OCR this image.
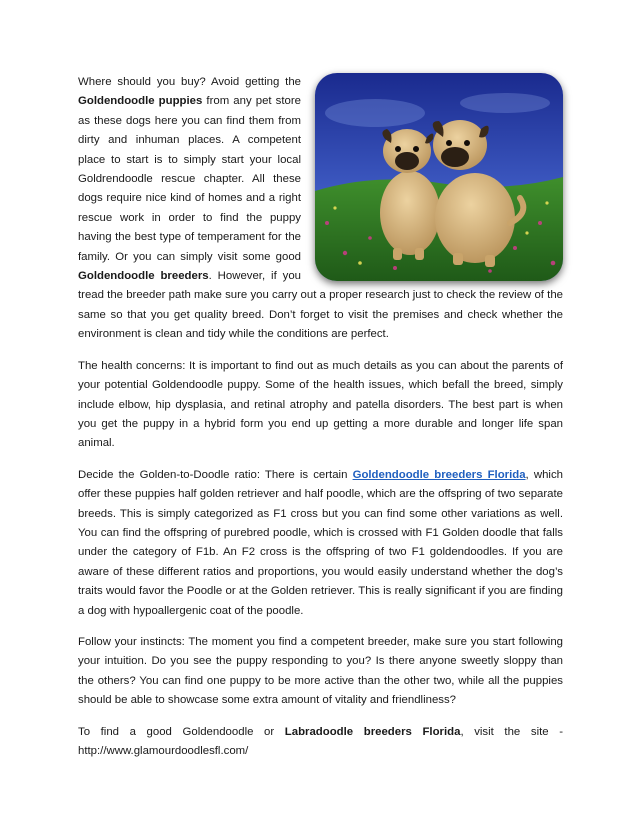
Where should you buy? Avoid getting the Goldendoodle puppies from any pet store as these dogs here you can find them from dirty and inhuman places. A competent place to start is to simply start your local Goldrendoodle rescue chapter. All these dogs require nice kind of homes and a right rescue work in order to find the puppy having the best type of temperament for the family. Or you can simply visit some good Goldendoodle breeders. However, if you tread the breeder path make sure you carry out a proper research just to check the review of the same so that you get quality breed. Don’t forget to visit the premises and check whether the environment is clean and tidy while the conditions are perfect.

The health concerns: It is important to find out as much details as you can about the parents of your potential Goldendoodle puppy. Some of the health issues, which befall the breed, simply include elbow, hip dysplasia, and retinal atrophy and patella disorders. The best part is when you get the puppy in a hybrid form you end up getting a more durable and longer life span animal.

Decide the Golden-to-Doodle ratio: There is certain Goldendoodle breeders Florida, which offer these puppies half golden retriever and half poodle, which are the offspring of two separate breeds. This is simply categorized as F1 cross but you can find some other variations as well. You can find the offspring of purebred poodle, which is crossed with F1 Golden doodle that falls under the category of F1b. An F2 cross is the offspring of two F1 goldendoodles. If you are aware of these different ratios and proportions, you would easily understand whether the dog’s traits would favor the Poodle or at the Golden retriever. This is really significant if you are finding a dog with hypoallergenic coat of the poodle.

Follow your instincts: The moment you find a competent breeder, make sure you start following your intuition. Do you see the puppy responding to you? Is there anyone sweetly sloppy than the others? You can find one puppy to be more active than the other two, while all the puppies should be able to showcase some extra amount of vitality and friendliness?

To find a good Goldendoodle or Labradoodle breeders Florida, visit the site - http://www.glamourdoodlesfl.com/
